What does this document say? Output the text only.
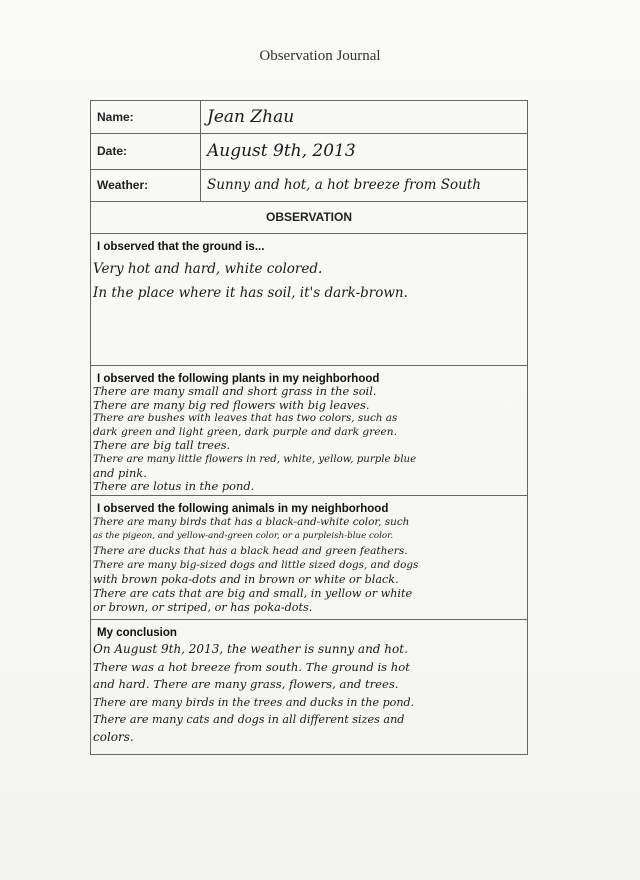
Observation Journal
Name:	Jean Zhau
Date:	August 9th, 2013
Weather:	Sunny and hot, a hot breeze from South
OBSERVATION
I observed that the ground is...
Very hot and hard, white colored.
In the place where it has soil, it's dark-brown.
I observed the following plants in my neighborhood
There are many small and short grass in the soil.
There are many big red flowers with big leaves.
There are bushes with leaves that has two colors, such as
dark green and light green, dark purple and dark green.
There are big tall trees.
There are many little flowers in red, white, yellow, purple blue
and pink.
There are lotus in the pond.
I observed the following animals in my neighborhood
There are many birds that has a black-and-white color, such
as the pigeon, and yellow-and-green color, or a purpleish-blue color.
There are ducks that has a black head and green feathers.
There are many big-sized dogs and little sized dogs, and dogs
with brown poka-dots and in brown or white or black.
There are cats that are big and small, in yellow or white
or brown, or striped, or has poka-dots.
My conclusion
On August 9th, 2013, the weather is sunny and hot.
There was a hot breeze from south. The ground is hot
and hard. There are many grass, flowers, and trees.
There are many birds in the trees and ducks in the pond.
There are many cats and dogs in all different sizes and
colors.
